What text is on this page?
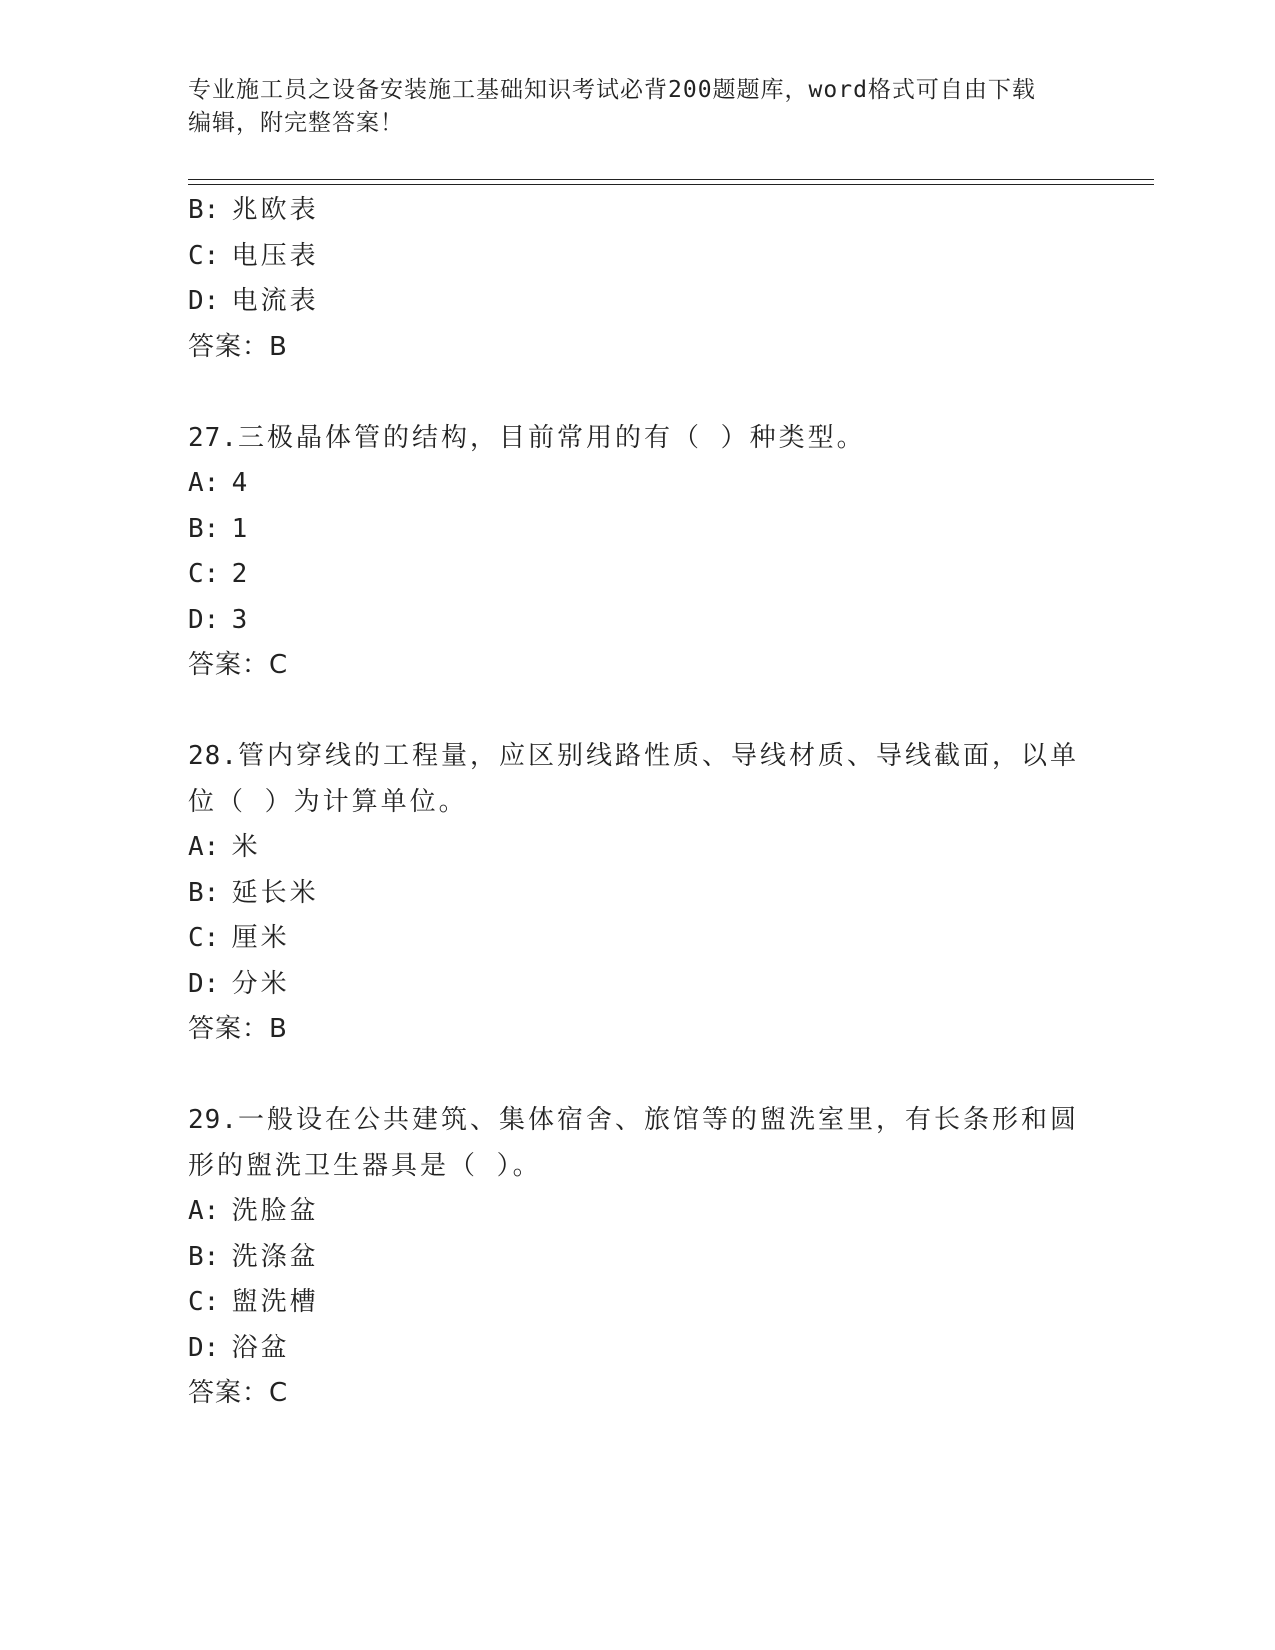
专业施工员之设备安装施工基础知识考试必背200题题库，word格式可自由下载
编辑，附完整答案！
B: 兆欧表
C: 电压表
D: 电流表
答案：B
27.三极晶体管的结构，目前常用的有（ ）种类型。
A: 4
B: 1
C: 2
D: 3
答案：C
28.管内穿线的工程量，应区别线路性质、导线材质、导线截面，以单
位（ ）为计算单位。
A: 米
B: 延长米
C: 厘米
D: 分米
答案：B
29.一般设在公共建筑、集体宿舍、旅馆等的盥洗室里，有长条形和圆
形的盥洗卫生器具是（ ）。
A: 洗脸盆
B: 洗涤盆
C: 盥洗槽
D: 浴盆
答案：C
